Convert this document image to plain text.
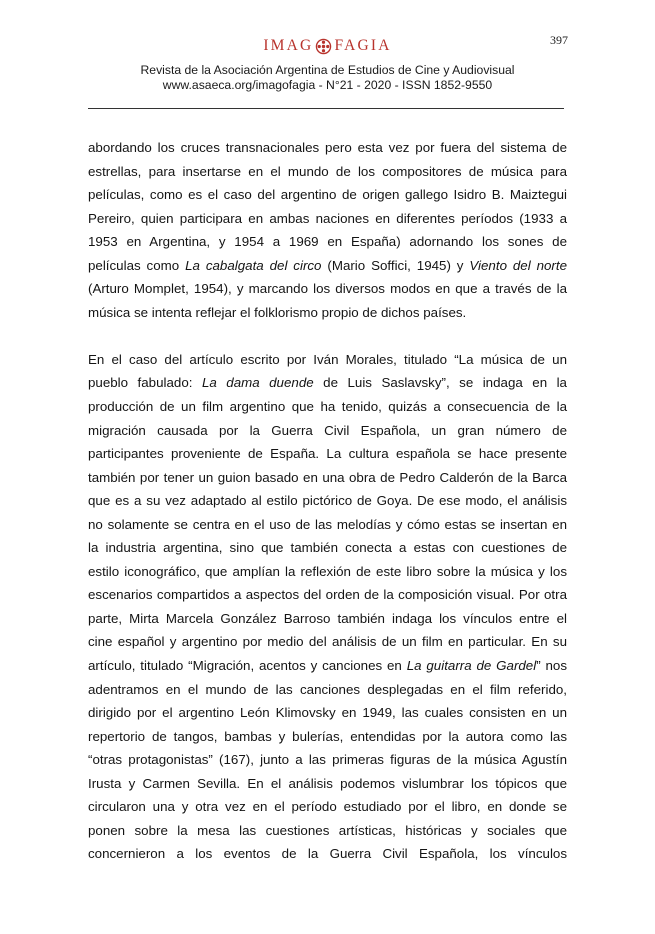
397
IMAG FAGIA
Revista de la Asociación Argentina de Estudios de Cine y Audiovisual
www.asaeca.org/imagofagia - N°21 - 2020 - ISSN 1852-9550

abordando los cruces transnacionales pero esta vez por fuera del sistema de
estrellas, para insertarse en el mundo de los compositores de música para
películas, como es el caso del argentino de origen gallego Isidro B. Maiztegui
Pereiro, quien participara en ambas naciones en diferentes períodos (1933 a
1953 en Argentina, y 1954 a 1969 en España) adornando los sones de
películas como La cabalgata del circo (Mario Soffici, 1945) y Viento del norte
(Arturo Momplet, 1954), y marcando los diversos modos en que a través de la
música se intenta reflejar el folklorismo propio de dichos países.

En el caso del artículo escrito por Iván Morales, titulado “La música de un
pueblo fabulado: La dama duende de Luis Saslavsky”, se indaga en la
producción de un film argentino que ha tenido, quizás a consecuencia de la
migración causada por la Guerra Civil Española, un gran número de
participantes proveniente de España. La cultura española se hace presente
también por tener un guion basado en una obra de Pedro Calderón de la Barca
que es a su vez adaptado al estilo pictórico de Goya. De ese modo, el análisis
no solamente se centra en el uso de las melodías y cómo estas se insertan en
la industria argentina, sino que también conecta a estas con cuestiones de
estilo iconográfico, que amplían la reflexión de este libro sobre la música y los
escenarios compartidos a aspectos del orden de la composición visual. Por otra
parte, Mirta Marcela González Barroso también indaga los vínculos entre el
cine español y argentino por medio del análisis de un film en particular. En su
artículo, titulado “Migración, acentos y canciones en La guitarra de Gardel” nos
adentramos en el mundo de las canciones desplegadas en el film referido,
dirigido por el argentino León Klimovsky en 1949, las cuales consisten en un
repertorio de tangos, bambas y bulerías, entendidas por la autora como las
“otras protagonistas” (167), junto a las primeras figuras de la música Agustín
Irusta y Carmen Sevilla. En el análisis podemos vislumbrar los tópicos que
circularon una y otra vez en el período estudiado por el libro, en donde se
ponen sobre la mesa las cuestiones artísticas, históricas y sociales que
concernieron a los eventos de la Guerra Civil Española, los vínculos
